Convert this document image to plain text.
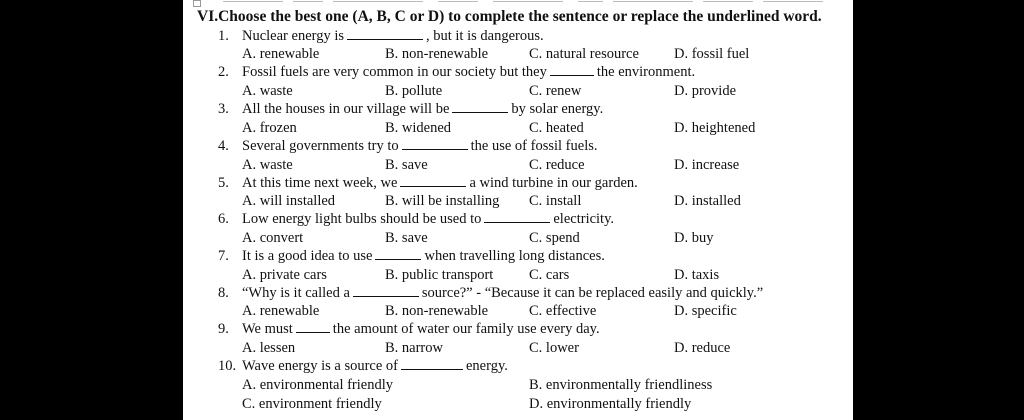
VI.Choose the best one (A, B, C or D) to complete the sentence or replace the underlined word.
1. Nuclear energy is	, but it is dangerous.
A. renewable	B. non-renewable	C. natural resource D. fossil fuel
2. Fossil fuels are very common in our society but they	the environment.
A. waste	B. pollute	C. renew	D. provide
3. All the houses in our village will be	by solar energy.
A. frozen	B. widened	C. heated	D. heightened
4. Several governments try to	the use of fossil fuels.
A. waste	B. save	C. reduce	D. increase
5. At this time next week, we	a wind turbine in our garden.
A. will installed	B. will be installing C. install	D. installed
6. Low energy light bulbs should be used to	electricity.
A. convert	B. save	C. spend	D. buy
7. It is a good idea to use	when travelling long distances.
A. private cars	B. public transport C. cars	D. taxis
8. “Why is it called a	source?” - “Because it can be replaced easily and quickly.”
A. renewable	B. non-renewable	C. effective	D. specific
9. We must	the amount of water our family use every day.
A. lessen	B. narrow	C. lower	D. reduce
10. Wave energy is a source of	energy.
A. environmental friendly	B. environmentally friendliness
C. environment friendly	D. environmentally friendly
